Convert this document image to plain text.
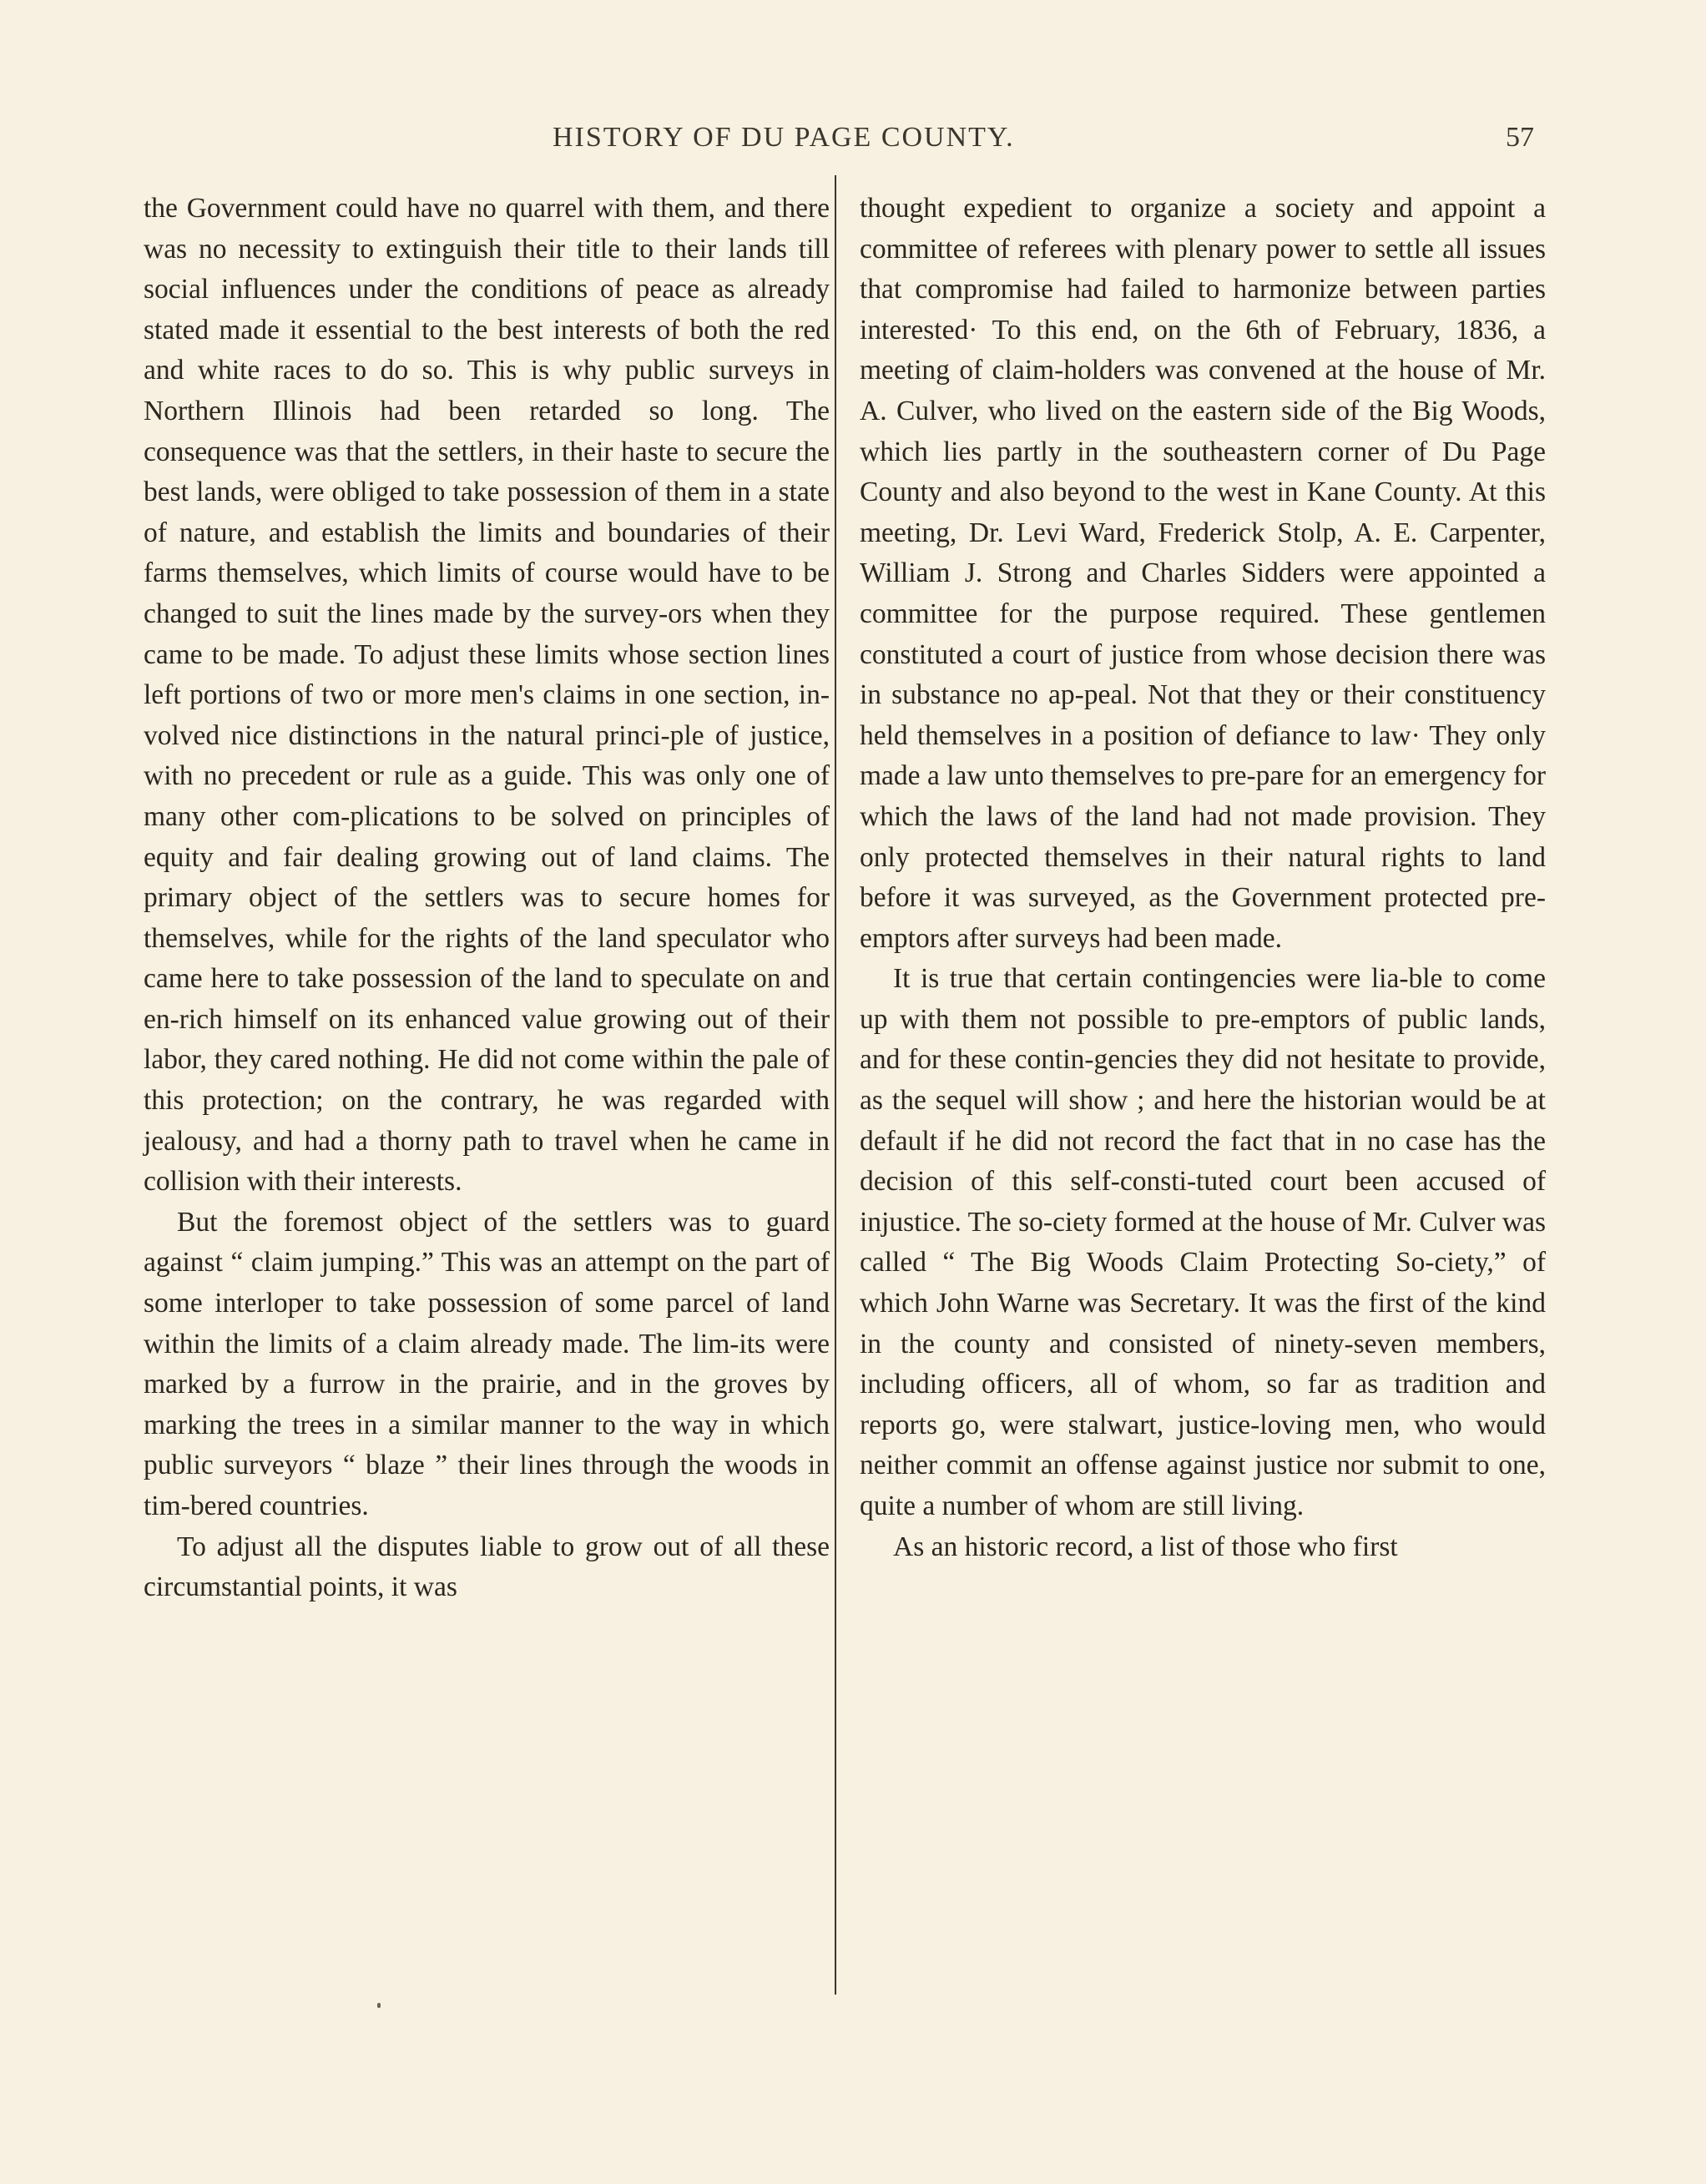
HISTORY OF DU PAGE COUNTY.	57

the Government could have no quarrel with them, and there was no necessity to extinguish their title to their lands till social influences under the conditions of peace as already stated made it essential to the best interests of both the red and white races to do so. This is why public surveys in Northern Illinois had been retarded so long. The consequence was that the settlers, in their haste to secure the best lands, were obliged to take possession of them in a state of nature, and establish the limits and boundaries of their farms themselves, which limits of course would have to be changed to suit the lines made by the survey-ors when they came to be made. To adjust these limits whose section lines left portions of two or more men's claims in one section, in-volved nice distinctions in the natural princi-ple of justice, with no precedent or rule as a guide. This was only one of many other com-plications to be solved on principles of equity and fair dealing growing out of land claims. The primary object of the settlers was to secure homes for themselves, while for the rights of the land speculator who came here to take possession of the land to speculate on and en-rich himself on its enhanced value growing out of their labor, they cared nothing. He did not come within the pale of this protection; on the contrary, he was regarded with jealousy, and had a thorny path to travel when he came in collision with their interests.

But the foremost object of the settlers was to guard against “ claim jumping.” This was an attempt on the part of some interloper to take possession of some parcel of land within the limits of a claim already made. The lim-its were marked by a furrow in the prairie, and in the groves by marking the trees in a similar manner to the way in which public surveyors “ blaze ” their lines through the woods in tim-bered countries.

To adjust all the disputes liable to grow out of all these circumstantial points, it was

thought expedient to organize a society and appoint a committee of referees with plenary power to settle all issues that compromise had failed to harmonize between parties interested· To this end, on the 6th of February, 1836, a meeting of claim-holders was convened at the house of Mr. A. Culver, who lived on the eastern side of the Big Woods, which lies partly in the southeastern corner of Du Page County and also beyond to the west in Kane County. At this meeting, Dr. Levi Ward, Frederick Stolp, A. E. Carpenter, William J. Strong and Charles Sidders were appointed a committee for the purpose required. These gentlemen constituted a court of justice from whose decision there was in substance no ap-peal. Not that they or their constituency held themselves in a position of defiance to law· They only made a law unto themselves to pre-pare for an emergency for which the laws of the land had not made provision. They only protected themselves in their natural rights to land before it was surveyed, as the Government protected pre-emptors after surveys had been made.

It is true that certain contingencies were lia-ble to come up with them not possible to pre-emptors of public lands, and for these contin-gencies they did not hesitate to provide, as the sequel will show ; and here the historian would be at default if he did not record the fact that in no case has the decision of this self-consti-tuted court been accused of injustice. The so-ciety formed at the house of Mr. Culver was called “ The Big Woods Claim Protecting So-ciety,” of which John Warne was Secretary. It was the first of the kind in the county and consisted of ninety-seven members, including officers, all of whom, so far as tradition and reports go, were stalwart, justice-loving men, who would neither commit an offense against justice nor submit to one, quite a number of whom are still living.

As an historic record, a list of those who first
